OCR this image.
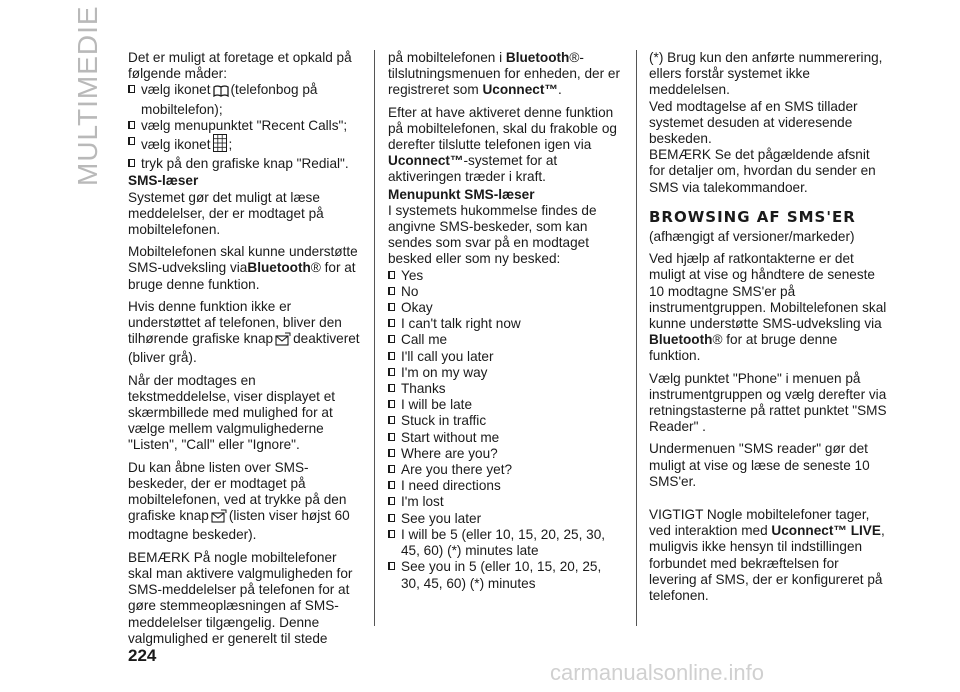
MULTIMEDIE Det er muligt at foretage et opkald på følgende måder:

vælg ikonet (telefonbog på mobiltelefon);
vælg menupunktet "Recent Calls";
vælg ikonet ;
tryk på den grafiske knap "Redial".

SMS-læser

Systemet gør det muligt at læse meddelelser, der er modtaget på mobiltelefonen.

Mobiltelefonen skal kunne understøtte SMS-udveksling viaBluetooth® for at bruge denne funktion.

Hvis denne funktion ikke er understøttet af telefonen, bliver den tilhørende grafiske knap deaktiveret (bliver grå).

Når der modtages en tekstmeddelelse, viser displayet et skærmbillede med mulighed for at vælge mellem valgmulighederne "Listen", "Call" eller "Ignore".

Du kan åbne listen over SMS-beskeder, der er modtaget på mobiltelefonen, ved at trykke på den grafiske knap (listen viser højst 60 modtagne beskeder).

BEMÆRK På nogle mobiltelefoner skal man aktivere valgmuligheden for SMS-meddelelser på telefonen for at gøre stemmeoplæsningen af SMS-meddelelser tilgængelig. Denne valgmulighed er generelt til stede

på mobiltelefonen i Bluetooth®-tilslutningsmenuen for enheden, der er registreret som Uconnect™.

Efter at have aktiveret denne funktion på mobiltelefonen, skal du frakoble og derefter tilslutte telefonen igen via Uconnect™-systemet for at aktiveringen træder i kraft.

Menupunkt SMS-læser

I systemets hukommelse findes de angivne SMS-beskeder, som kan sendes som svar på en modtaget besked eller som ny besked:

Yes
No
Okay
I can't talk right now
Call me
I'll call you later
I'm on my way
Thanks
I will be late
Stuck in traffic
Start without me
Where are you?
Are you there yet?
I need directions
I'm lost
See you later
I will be 5 (eller 10, 15, 20, 25, 30, 45, 60) (*) minutes late
See you in 5 (eller 10, 15, 20, 25, 30, 45, 60) (*) minutes

(*) Brug kun den anførte nummerering, ellers forstår systemet ikke meddelelsen.

Ved modtagelse af en SMS tillader systemet desuden at videresende beskeden.

BEMÆRK Se det pågældende afsnit for detaljer om, hvordan du sender en SMS via talekommandoer.

BROWSING AF SMS'ER

(afhængigt af versioner/markeder)

Ved hjælp af ratkontakterne er det muligt at vise og håndtere de seneste 10 modtagne SMS'er på instrumentgruppen. Mobiltelefonen skal kunne understøtte SMS-udveksling via Bluetooth® for at bruge denne funktion.

Vælg punktet "Phone" i menuen på instrumentgruppen og vælg derefter via retningstasterne på rattet punktet "SMS Reader" .

Undermenuen "SMS reader" gør det muligt at vise og læse de seneste 10 SMS'er.

VIGTIGT Nogle mobiltelefoner tager, ved interaktion med Uconnect™ LIVE, muligvis ikke hensyn til indstillingen forbundet med bekræftelsen for levering af SMS, der er konfigureret på telefonen.

224
carmanualsonline.info
